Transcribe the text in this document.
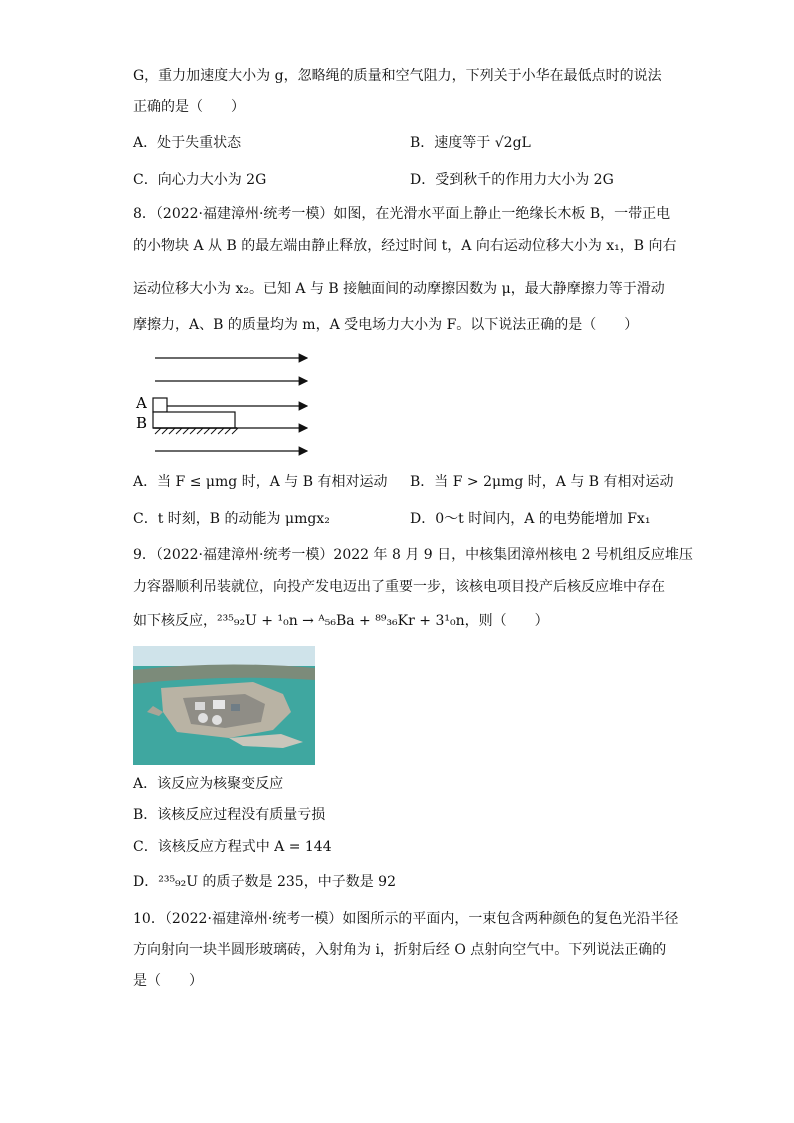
G，重力加速度大小为 g，忽略绳的质量和空气阻力，下列关于小华在最低点时的说法
正确的是（　　）
A．处于失重状态	B．速度等于 √2gL
C．向心力大小为 2G	D．受到秋千的作用力大小为 2G
8．（2022·福建漳州·统考一模）如图，在光滑水平面上静止一绝缘长木板 B，一带正电
的小物块 A 从 B 的最左端由静止释放，经过时间 t，A 向右运动位移大小为 x₁，B 向右
运动位移大小为 x₂。已知 A 与 B 接触面间的动摩擦因数为 μ，最大静摩擦力等于滑动
摩擦力，A、B 的质量均为 m，A 受电场力大小为 F。以下说法正确的是（　　）
A
B
A．当 F ≤ μmg 时，A 与 B 有相对运动 B．当 F > 2μmg 时，A 与 B 有相对运动
C．t 时刻，B 的动能为 μmgx₂	D．0～t 时间内，A 的电势能增加 Fx₁
9．（2022·福建漳州·统考一模）2022 年 8 月 9 日，中核集团漳州核电 2 号机组反应堆压
力容器顺利吊装就位，向投产发电迈出了重要一步，该核电项目投产后核反应堆中存在
如下核反应，²³⁵₉₂U + ¹₀n → ᴬ₅₆Ba + ⁸⁹₃₆Kr + 3¹₀n，则（　　）
A．该反应为核聚变反应
B．该核反应过程没有质量亏损
C．该核反应方程式中 A = 144
D．²³⁵₉₂U 的质子数是 235，中子数是 92
10．（2022·福建漳州·统考一模）如图所示的平面内，一束包含两种颜色的复色光沿半径
方向射向一块半圆形玻璃砖，入射角为 i，折射后经 O 点射向空气中。下列说法正确的
是（　　）
